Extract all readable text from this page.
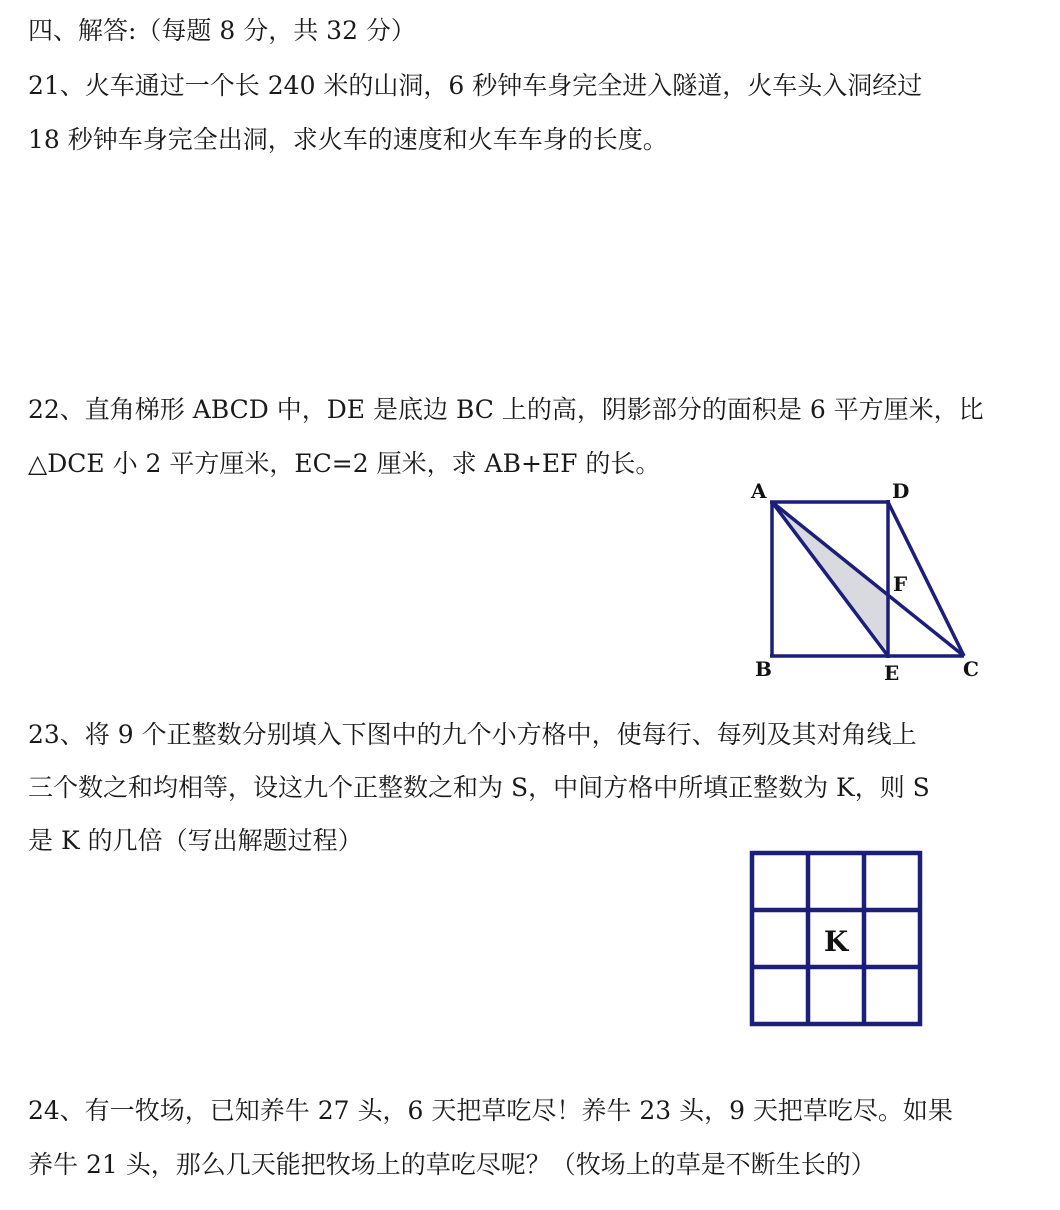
四、解答:（每题 8 分，共 32 分）
21、火车通过一个长 240 米的山洞，6 秒钟车身完全进入隧道，火车头入洞经过
18 秒钟车身完全出洞，求火车的速度和火车车身的长度。
22、直角梯形 ABCD 中，DE 是底边 BC 上的高，阴影部分的面积是 6 平方厘米，比
△DCE 小 2 平方厘米，EC=2 厘米，求 AB+EF 的长。
A	D
F
B	E	C
23、将 9 个正整数分别填入下图中的九个小方格中，使每行、每列及其对角线上
三个数之和均相等，设这九个正整数之和为 S，中间方格中所填正整数为 K，则 S
是 K 的几倍（写出解题过程）
K
24、有一牧场，已知养牛 27 头，6 天把草吃尽！养牛 23 头，9 天把草吃尽。如果
养牛 21 头，那么几天能把牧场上的草吃尽呢？（牧场上的草是不断生长的）
